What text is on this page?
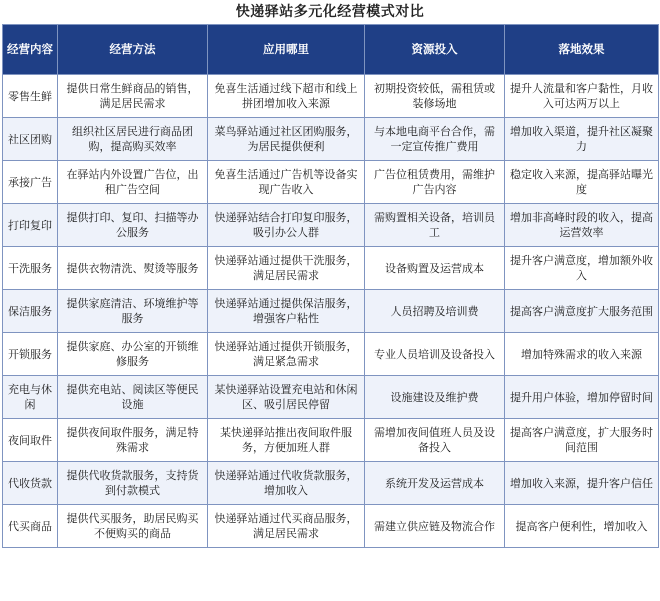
快递驿站多元化经营模式对比
经营内容	经营方法	应用哪里	资源投入	落地效果
零售生鲜	提供日常生鲜商品的销售，满足居民需求	免喜生活通过线下超市和线上拼团增加收入来源	初期投资较低，需租赁或装修场地	提升人流量和客户黏性，月收入可达两万以上
社区团购	组织社区居民进行商品团购，提高购买效率	菜鸟驿站通过社区团购服务，为居民提供便利	与本地电商平台合作，需一定宣传推广费用	增加收入渠道，提升社区凝聚力
承接广告	在驿站内外设置广告位，出租广告空间	免喜生活通过广告机等设备实现广告收入	广告位租赁费用，需维护广告内容	稳定收入来源，提高驿站曝光度
打印复印	提供打印、复印、扫描等办公服务	快递驿站结合打印复印服务，吸引办公人群	需购置相关设备，培训员工	增加非高峰时段的收入，提高运营效率
干洗服务	提供衣物清洗、熨烫等服务	快递驿站通过提供干洗服务，满足居民需求	设备购置及运营成本	提升客户满意度，增加额外收入
保洁服务	提供家庭清洁、环境维护等服务	快递驿站通过提供保洁服务，增强客户粘性	人员招聘及培训费	提高客户满意度扩大服务范围
开锁服务	提供家庭、办公室的开锁维修服务	快递驿站通过提供开锁服务，满足紧急需求	专业人员培训及设备投入	增加特殊需求的收入来源
充电与休闲	提供充电站、阅读区等便民设施	某快递驿站设置充电站和休闲区、吸引居民停留	设施建设及维护费	提升用户体验，增加停留时间
夜间取件	提供夜间取件服务，满足特殊需求	某快递驿站推出夜间取件服务，方便加班人群	需增加夜间值班人员及设备投入	提高客户满意度，扩大服务时间范围
代收货款	提供代收货款服务，支持货到付款模式	快递驿站通过代收货款服务，增加收入	系统开发及运营成本	增加收入来源，提升客户信任
代买商品	提供代买服务，助居民购买不便购买的商品	快递驿站通过代买商品服务，满足居民需求	需建立供应链及物流合作	提高客户便利性，增加收入
